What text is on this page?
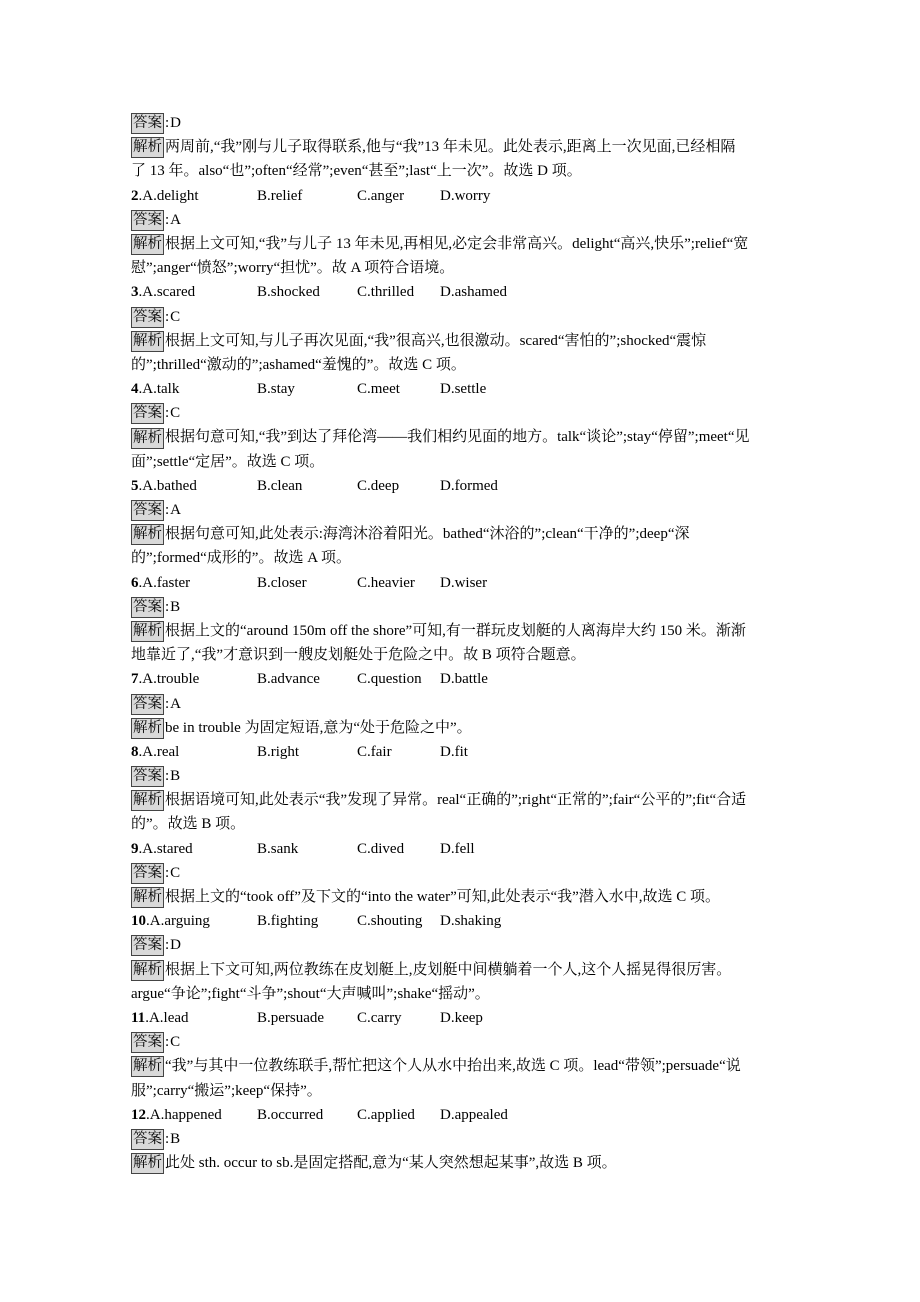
答案 :D
解析 两周前,“我”刚与儿子取得联系,他与“我”13 年未见。此处表示,距离上一次见面,已经相隔
了 13 年。also“也”;often“经常”;even“甚至”;last“上一次”。故选 D 项。
2.A.delight	B.relief	C.anger D.worry
答案 :A
解析 根据上文可知,“我”与儿子 13 年未见,再相见,必定会非常高兴。delight“高兴,快乐”;relief“宽
慰”;anger“愤怒”;worry“担忧”。故 A 项符合语境。
3.A.scared	B.shocked C.thrilled D.ashamed
答案 :C
解析 根据上文可知,与儿子再次见面,“我”很高兴,也很激动。scared“害怕的”;shocked“震惊
的”;thrilled“激动的”;ashamed“羞愧的”。故选 C 项。
4.A.talk	B.stay	C.meet	D.settle
答案 :C
解析 根据句意可知,“我”到达了拜伦湾——我们相约见面的地方。talk“谈论”;stay“停留”;meet“见
面”;settle“定居”。故选 C 项。
5.A.bathed	B.clean	C.deep	D.formed
答案 :A
解析 根据句意可知,此处表示:海湾沐浴着阳光。bathed“沐浴的”;clean“干净的”;deep“深
的”;formed“成形的”。故选 A 项。
6.A.faster	B.closer	C.heavier D.wiser
答案 :B
解析 根据上文的“around 150m off the shore”可知,有一群玩皮划艇的人离海岸大约 150 米。渐渐
地靠近了,“我”才意识到一艘皮划艇处于危险之中。故 B 项符合题意。
7.A.trouble	B.advance C.question D.battle
答案 :A
解析 be in trouble 为固定短语,意为“处于危险之中”。
8.A.real	B.right	C.fair	D.fit
答案 :B
解析 根据语境可知,此处表示“我”发现了异常。real“正确的”;right“正常的”;fair“公平的”;fit“合适
的”。故选 B 项。
9.A.stared	B.sank	C.dived D.fell
答案 :C
解析 根据上文的“took off”及下文的“into the water”可知,此处表示“我”潜入水中,故选 C 项。
10.A.arguing	B.fighting	C.shouting D.shaking
答案 :D
解析 根据上下文可知,两位教练在皮划艇上,皮划艇中间横躺着一个人,这个人摇晃得很厉害。
argue“争论”;fight“斗争”;shout“大声喊叫”;shake“摇动”。
11.A.lead	B.persuade C.carry	D.keep
答案 :C
解析 “我”与其中一位教练联手,帮忙把这个人从水中抬出来,故选 C 项。lead“带领”;persuade“说
服”;carry“搬运”;keep“保持”。
12.A.happened B.occurred C.applied D.appealed
答案 :B
解析 此处 sth. occur to sb.是固定搭配,意为“某人突然想起某事”,故选 B 项。
